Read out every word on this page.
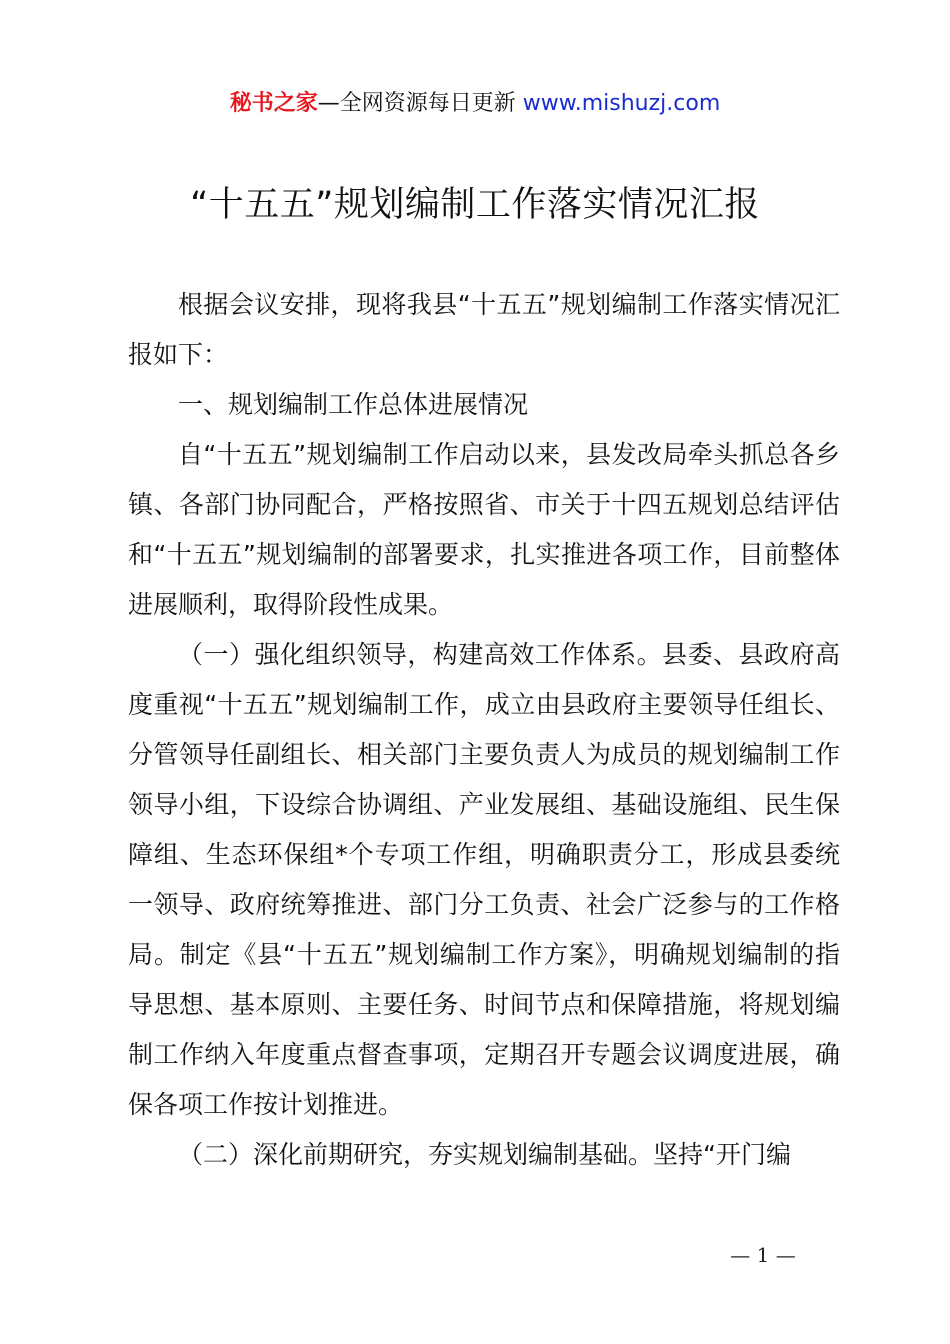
秘书之家—全网资源每日更新 www.mishuzj.com
“十五五”规划编制工作落实情况汇报

根据会议安排，现将我县“十五五”规划编制工作落实情况汇报如下：

一、规划编制工作总体进展情况

自“十五五”规划编制工作启动以来，县发改局牵头抓总各乡镇、各部门协同配合，严格按照省、市关于十四五规划总结评估和“十五五”规划编制的部署要求，扎实推进各项工作，目前整体进展顺利，取得阶段性成果。

（一）强化组织领导，构建高效工作体系。县委、县政府高度重视“十五五”规划编制工作，成立由县政府主要领导任组长、分管领导任副组长、相关部门主要负责人为成员的规划编制工作领导小组，下设综合协调组、产业发展组、基础设施组、民生保障组、生态环保组*个专项工作组，明确职责分工，形成县委统一领导、政府统筹推进、部门分工负责、社会广泛参与的工作格局。制定《县“十五五”规划编制工作方案》，明确规划编制的指导思想、基本原则、主要任务、时间节点和保障措施，将规划编制工作纳入年度重点督查事项，定期召开专题会议调度进展，确保各项工作按计划推进。

（二）深化前期研究，夯实规划编制基础。坚持“开门编

— 1 —
